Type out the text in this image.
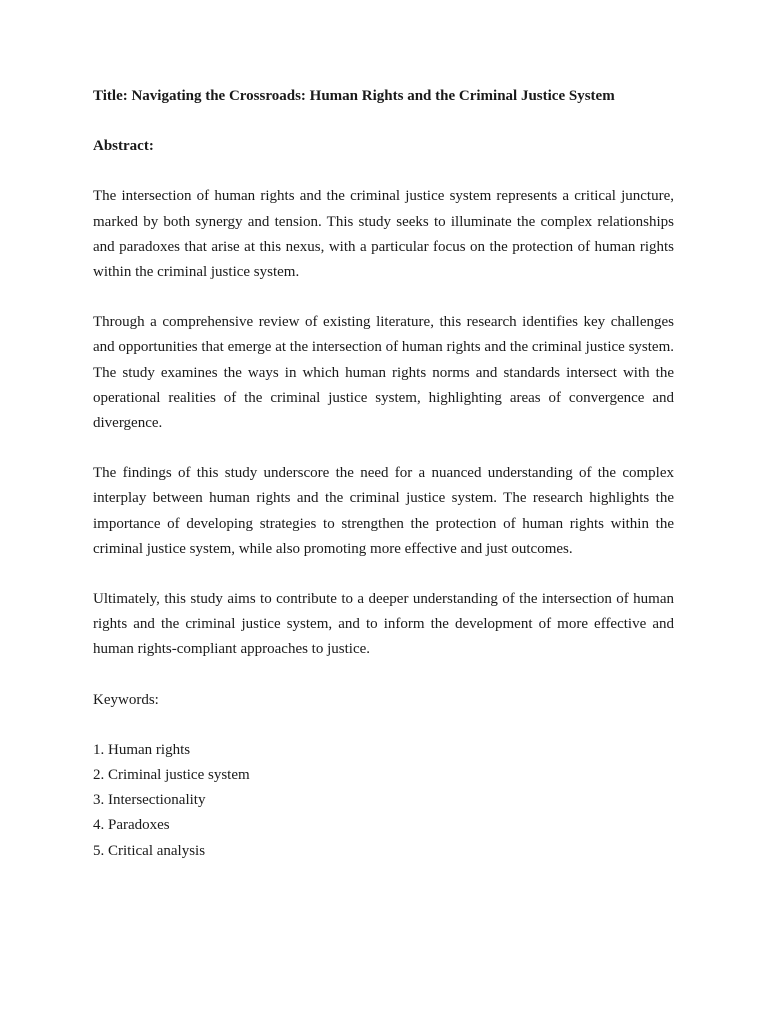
Title: Navigating the Crossroads: Human Rights and the Criminal Justice System

Abstract:

The intersection of human rights and the criminal justice system represents a critical juncture, marked by both synergy and tension. This study seeks to illuminate the complex relationships and paradoxes that arise at this nexus, with a particular focus on the protection of human rights within the criminal justice system.

Through a comprehensive review of existing literature, this research identifies key challenges and opportunities that emerge at the intersection of human rights and the criminal justice system. The study examines the ways in which human rights norms and standards intersect with the operational realities of the criminal justice system, highlighting areas of convergence and divergence.

The findings of this study underscore the need for a nuanced understanding of the complex interplay between human rights and the criminal justice system. The research highlights the importance of developing strategies to strengthen the protection of human rights within the criminal justice system, while also promoting more effective and just outcomes.

Ultimately, this study aims to contribute to a deeper understanding of the intersection of human rights and the criminal justice system, and to inform the development of more effective and human rights-compliant approaches to justice.

Keywords:

1. Human rights
2. Criminal justice system
3. Intersectionality
4. Paradoxes
5. Critical analysis
